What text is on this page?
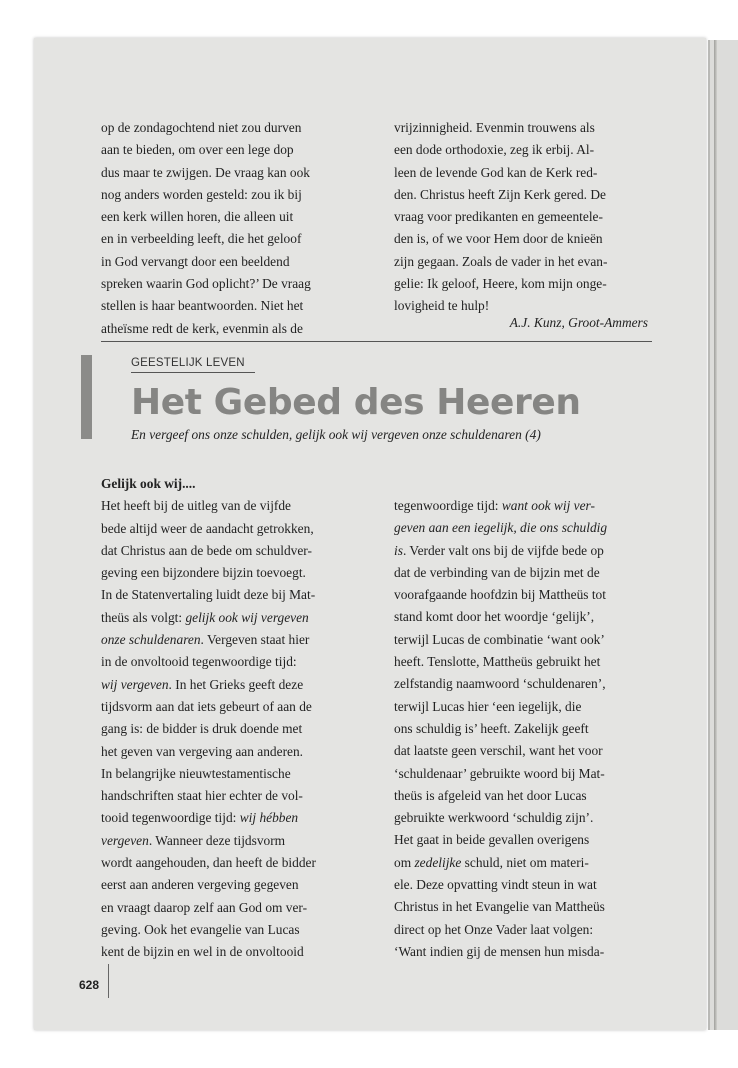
op de zondagochtend niet zou durven
aan te bieden, om over een lege dop
dus maar te zwijgen. De vraag kan ook
nog anders worden gesteld: zou ik bij
een kerk willen horen, die alleen uit
en in verbeelding leeft, die het geloof
in God vervangt door een beeldend
spreken waarin God oplicht?’ De vraag
stellen is haar beantwoorden. Niet het
atheïsme redt de kerk, evenmin als de
vrijzinnigheid. Evenmin trouwens als
een dode orthodoxie, zeg ik erbij. Al-
leen de levende God kan de Kerk red-
den. Christus heeft Zijn Kerk gered. De
vraag voor predikanten en gemeentele-
den is, of we voor Hem door de knieën
zijn gegaan. Zoals de vader in het evan-
gelie: Ik geloof, Heere, kom mijn onge-
lovigheid te hulp!
A.J. Kunz, Groot-Ammers
GEESTELIJK LEVEN
Het Gebed des Heeren
En vergeef ons onze schulden, gelijk ook wij vergeven onze schuldenaren (4)
Gelijk ook wij....
Het heeft bij de uitleg van de vijfde
bede altijd weer de aandacht getrokken,
dat Christus aan de bede om schuldver-
geving een bijzondere bijzin toevoegt.
In de Statenvertaling luidt deze bij Mat-
theüs als volgt: gelijk ook wij vergeven
onze schuldenaren. Vergeven staat hier
in de onvoltooid tegenwoordige tijd:
wij vergeven. In het Grieks geeft deze
tijdsvorm aan dat iets gebeurt of aan de
gang is: de bidder is druk doende met
het geven van vergeving aan anderen.
In belangrijke nieuwtestamentische
handschriften staat hier echter de vol-
tooid tegenwoordige tijd: wij hébben
vergeven. Wanneer deze tijdsvorm
wordt aangehouden, dan heeft de bidder
eerst aan anderen vergeving gegeven
en vraagt daarop zelf aan God om ver-
geving. Ook het evangelie van Lucas
kent de bijzin en wel in de onvoltooid
tegenwoordige tijd: want ook wij ver-
geven aan een iegelijk, die ons schuldig
is. Verder valt ons bij de vijfde bede op
dat de verbinding van de bijzin met de
voorafgaande hoofdzin bij Mattheüs tot
stand komt door het woordje ‘gelijk’,
terwijl Lucas de combinatie ‘want ook’
heeft. Tenslotte, Mattheüs gebruikt het
zelfstandig naamwoord ‘schuldenaren’,
terwijl Lucas hier ‘een iegelijk, die
ons schuldig is’ heeft. Zakelijk geeft
dat laatste geen verschil, want het voor
‘schuldenaar’ gebruikte woord bij Mat-
theüs is afgeleid van het door Lucas
gebruikte werkwoord ‘schuldig zijn’.
Het gaat in beide gevallen overigens
om zedelijke schuld, niet om materi-
ele. Deze opvatting vindt steun in wat
Christus in het Evangelie van Mattheüs
direct op het Onze Vader laat volgen:
‘Want indien gij de mensen hun misda-
628
